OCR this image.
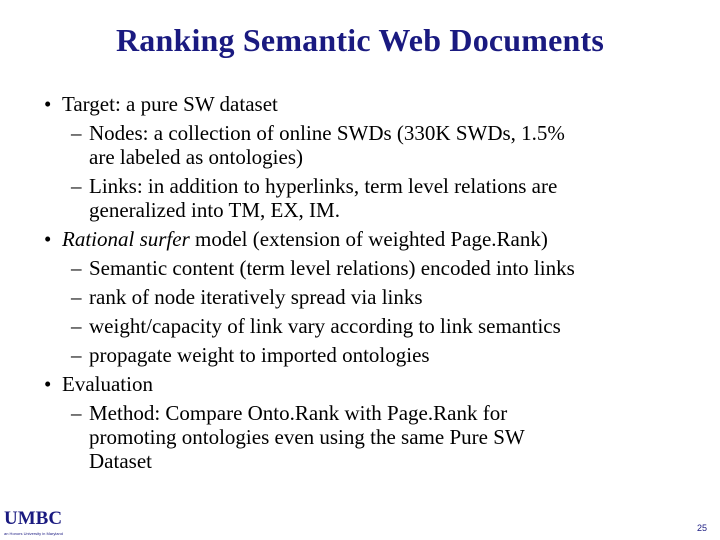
Ranking Semantic Web Documents
• Target: a pure SW dataset
– Nodes: a collection of online SWDs (330K SWDs, 1.5%
are labeled as ontologies)
– Links: in addition to hyperlinks, term level relations are
generalized into TM, EX, IM.
• Rational surfer model (extension of weighted Page.Rank)
– Semantic content (term level relations) encoded into links
– rank of node iteratively spread via links
– weight/capacity of link vary according to link semantics
– propagate weight to imported ontologies
• Evaluation
– Method: Compare Onto.Rank with Page.Rank for
promoting ontologies even using the same Pure SW
Dataset
UMBC
an Honors University in Maryland
25
